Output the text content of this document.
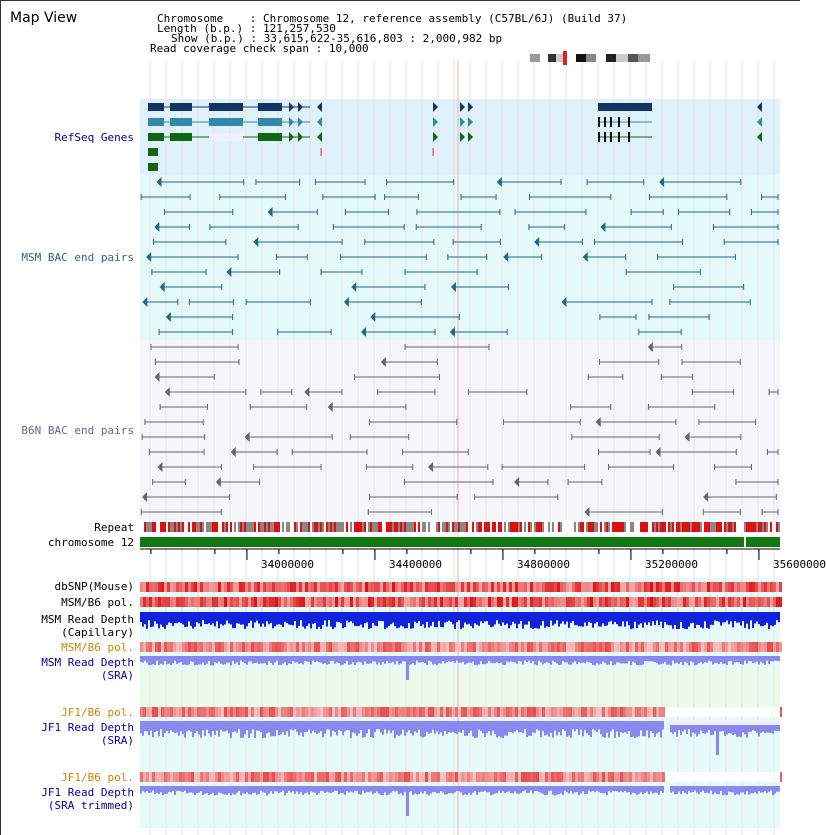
Map View	Chromosome    : Chromosome 12, reference assembly (C57BL/6J) (Build 37)
Length (b.p.) : 121,257,530
Show (b.p.) : 33,615,622-35,616,803 : 2,000,982 bp
Read coverage check span : 10,000
RefSeq Genes
MSM BAC end pairs
B6N BAC end pairs
Repeat
chromosome 12
dbSNP(Mouse)
MSM/B6 pol.
MSM Read Depth
(Capillary)
MSM/B6 pol.
MSM Read Depth
(SRA)
JF1/B6 pol.
JF1 Read Depth
(SRA)
JF1/B6 pol.
JF1 Read Depth
(SRA trimmed)
34000000	34400000	34800000	35200000	35600000
